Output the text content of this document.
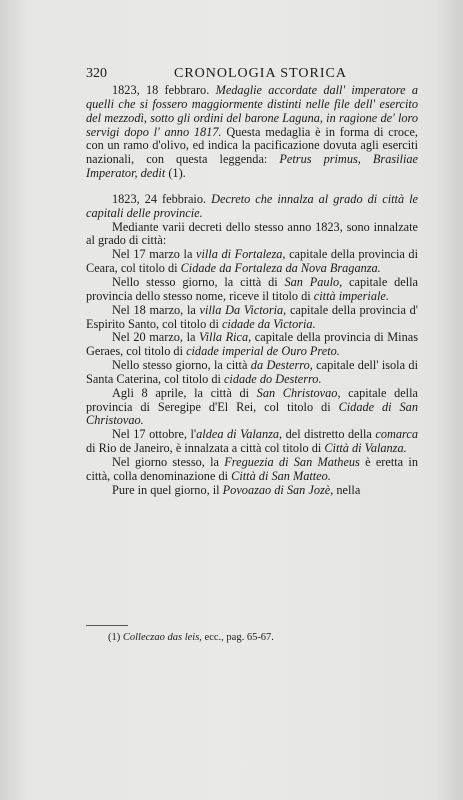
320	CRONOLOGIA STORICA

1823, 18 febbraro. Medaglie accordate dall' imperatore a quelli che si fossero maggiormente distinti nelle file dell' esercito del mezzodì, sotto gli ordini del barone Laguna, in ragione de' loro servigi dopo l' anno 1817. Questa medaglia è in forma di croce, con un ramo d'olivo, ed indica la pacificazione dovuta agli eserciti nazionali, con questa leggenda: Petrus primus, Brasiliae Imperator, dedit (1).

1823, 24 febbraio. Decreto che innalza al grado di città le capitali delle provincie.

Mediante varii decreti dello stesso anno 1823, sono innalzate al grado di città:

Nel 17 marzo la villa di Fortaleza, capitale della provincia di Ceara, col titolo di Cidade da Fortaleza da Nova Braganza.

Nello stesso giorno, la città di San Paulo, capitale della provincia dello stesso nome, riceve il titolo di città imperiale.

Nel 18 marzo, la villa Da Victoria, capitale della provincia d' Espirito Santo, col titolo di cidade da Victoria.

Nel 20 marzo, la Villa Rica, capitale della provincia di Minas Geraes, col titolo di cidade imperial de Ouro Preto.

Nello stesso giorno, la città da Desterro, capitale dell' isola di Santa Caterina, col titolo di cidade do Desterro.

Agli 8 aprile, la città di San Christovao, capitale della provincia di Seregipe d'El Rei, col titolo di Cidade di San Christovao.

Nel 17 ottobre, l'aldea di Valanza, del distretto della comarca di Rio de Janeiro, è innalzata a città col titolo di Città di Valanza.

Nel giorno stesso, la Freguezia di San Matheus è eretta in città, colla denominazione di Città di San Matteo.

Pure in quel giorno, il Povoazao di San Jozè, nella

(1) Colleczao das leis, ecc., pag. 65-67.
